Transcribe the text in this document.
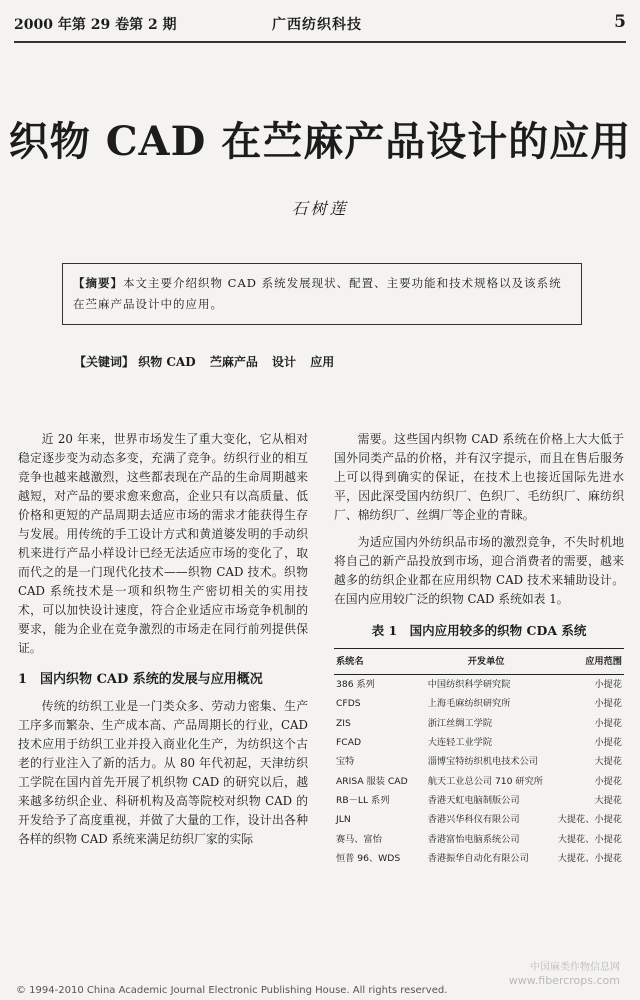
2000 年第 29 卷第 2 期	广西纺织科技	5
织物 CAD 在苎麻产品设计的应用
石树莲
【摘要】本文主要介绍织物 CAD 系统发展现状、配置、主要功能和技术规格以及该系统在苎麻产品设计中的应用。
【关键词】 织物 CAD 苎麻产品 设计 应用

近 20 年来，世界市场发生了重大变化，它从相对稳定逐步变为动态多变，充满了竞争。纺织行业的相互竞争也越来越激烈，这些都表现在产品的生命周期越来越短，对产品的要求愈来愈高，企业只有以高质量、低价格和更短的产品周期去适应市场的需求才能获得生存与发展。用传统的手工设计方式和黄道婆发明的手动织机来进行产品小样设计已经无法适应市场的变化了，取而代之的是一门现代化技术——织物 CAD 技术。织物 CAD 系统技术是一项和织物生产密切相关的实用技术，可以加快设计速度，符合企业适应市场竞争机制的要求，能为企业在竞争激烈的市场走在同行前列提供保证。

1　国内织物 CAD 系统的发展与应用概况

传统的纺织工业是一门类众多、劳动力密集、生产工序多而繁杂、生产成本高、产品周期长的行业，CAD 技术应用于纺织工业并投入商业化生产，为纺织这个古老的行业注入了新的活力。从 80 年代初起，天津纺织工学院在国内首先开展了机织物 CAD 的研究以后，越来越多纺织企业、科研机构及高等院校对织物 CAD 的开发给予了高度重视，并做了大量的工作，设计出各种各样的织物 CAD 系统来满足纺织厂家的实际

需要。这些国内织物 CAD 系统在价格上大大低于国外同类产品的价格，并有汉字提示，而且在售后服务上可以得到确实的保证，在技术上也接近国际先进水平，因此深受国内纺织厂、色织厂、毛纺织厂、麻纺织厂、棉纺织厂、丝绸厂等企业的青睐。

为适应国内外纺织品市场的激烈竞争，不失时机地将自己的新产品投放到市场，迎合消费者的需要，越来越多的纺织企业都在应用织物 CAD 技术来辅助设计。在国内应用较广泛的织物 CAD 系统如表 1。

表 1　国内应用较多的织物 CDA 系统
系统名	开发单位	应用范围
386 系列	中国纺织科学研究院	小提花
CFDS	上海毛麻纺织研究所	小提花
ZIS	浙江丝绸工学院	小提花
FCAD	大连轻工业学院	小提花
宝特	淄博宝特纺织机电技术公司	大提花
ARISA 服装 CAD	航天工业总公司 710 研究所	小提花
RB－LL 系列	香港天虹电脑制版公司	大提花
JLN	香港兴华科仪有限公司	大提花、小提花
赛马、富怡	香港富怡电脑系统公司	大提花、小提花
恒普 96、WDS	香港振华自动化有限公司	大提花、小提花
中国麻类作物信息网
www.fibercrops.com
© 1994-2010 China Academic Journal Electronic Publishing House. All rights reserved.
